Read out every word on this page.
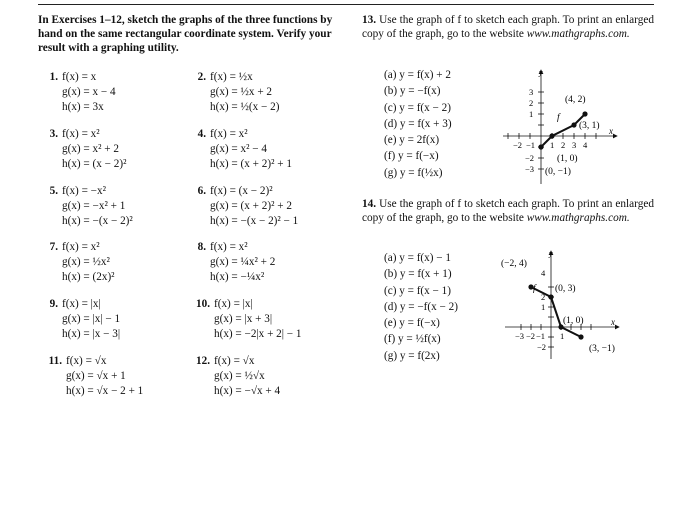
In Exercises 1–12, sketch the graphs of the three functions by hand on the same rectangular coordinate system. Verify your result with a graphing utility.
1. f(x) = x
g(x) = x − 4
h(x) = 3x
2. f(x) = ½x
g(x) = ½x + 2
h(x) = ½(x − 2)
3. f(x) = x²
g(x) = x² + 2
h(x) = (x − 2)²
4. f(x) = x²
g(x) = x² − 4
h(x) = (x + 2)² + 1
5. f(x) = −x²
g(x) = −x² + 1
h(x) = −(x − 2)²
6. f(x) = (x − 2)²
g(x) = (x + 2)² + 2
h(x) = −(x − 2)² − 1
7. f(x) = x²
g(x) = ½x²
h(x) = (2x)²
8. f(x) = x²
g(x) = ¼x² + 2
h(x) = −¼x²
9. f(x) = |x|
g(x) = |x| − 1
h(x) = |x − 3|
10. f(x) = |x|
g(x) = |x + 3|
h(x) = −2|x + 2| − 1
11. f(x) = √x
g(x) = √x + 1
h(x) = √x − 2 + 1
12. f(x) = √x
g(x) = ½√x
h(x) = −√x + 4
13. Use the graph of f to sketch each graph. To print an enlarged copy of the graph, go to the website www.mathgraphs.com.
(a) y = f(x) + 2
(b) y = −f(x)
(c) y = f(x − 2)
(d) y = f(x + 3)
(e) y = 2f(x)
(f) y = f(−x)
(g) y = f(½x)
y
x
3
2
1
−2
−3
−2 −1 1 2 3 4
f
(4, 2)
(3, 1)
(1, 0)
(0, −1)
14. Use the graph of f to sketch each graph. To print an enlarged copy of the graph, go to the website www.mathgraphs.com.
(a) y = f(x) − 1
(b) y = f(x + 1)
(c) y = f(x − 1)
(d) y = −f(x − 2)
(e) y = f(−x)
(f) y = ½f(x)
(g) y = f(2x)
y
x
4
2
1
−2
−3 −2 −1 1
f
(−2, 4)
(0, 3)
(1, 0)
(3, −1)
